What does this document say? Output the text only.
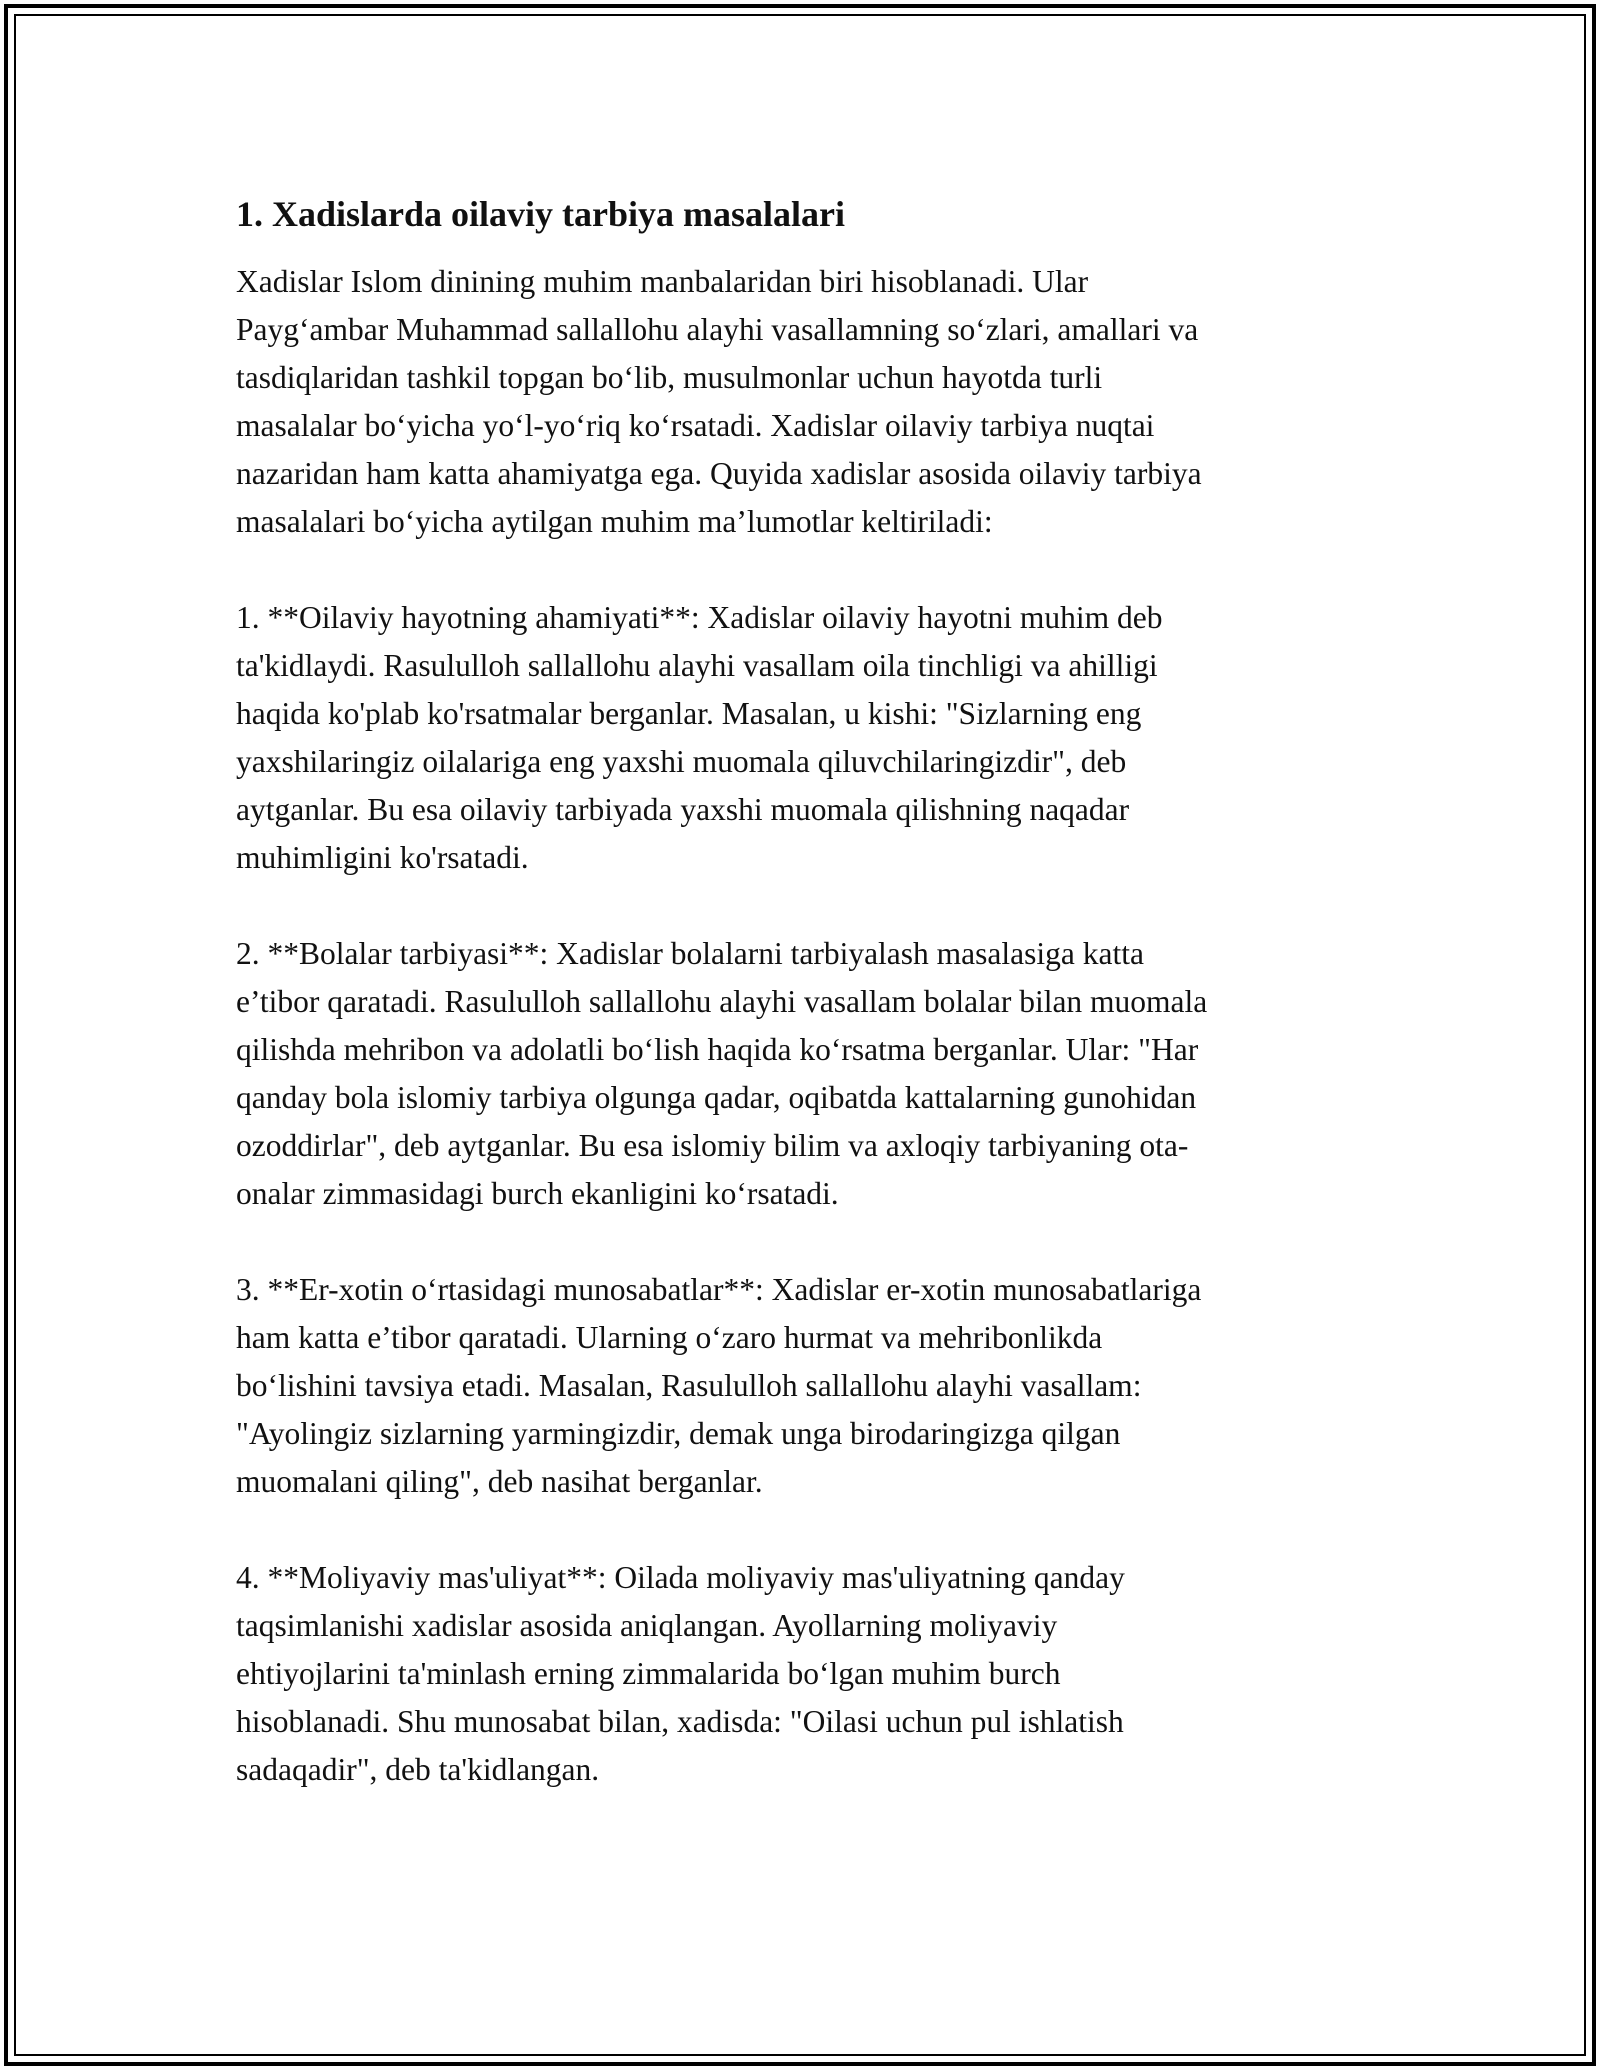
1. Xadislarda oilaviy tarbiya masalalari

Xadislar Islom dinining muhim manbalaridan biri hisoblanadi. Ular
Payg‘ambar Muhammad sallallohu alayhi vasallamning so‘zlari, amallari va
tasdiqlaridan tashkil topgan bo‘lib, musulmonlar uchun hayotda turli
masalalar bo‘yicha yo‘l-yo‘riq ko‘rsatadi. Xadislar oilaviy tarbiya nuqtai
nazaridan ham katta ahamiyatga ega. Quyida xadislar asosida oilaviy tarbiya
masalalari bo‘yicha aytilgan muhim ma’lumotlar keltiriladi:

1. **Oilaviy hayotning ahamiyati**: Xadislar oilaviy hayotni muhim deb
ta'kidlaydi. Rasululloh sallallohu alayhi vasallam oila tinchligi va ahilligi
haqida ko'plab ko'rsatmalar berganlar. Masalan, u kishi: "Sizlarning eng
yaxshilaringiz oilalariga eng yaxshi muomala qiluvchilaringizdir", deb
aytganlar. Bu esa oilaviy tarbiyada yaxshi muomala qilishning naqadar
muhimligini ko'rsatadi.

2. **Bolalar tarbiyasi**: Xadislar bolalarni tarbiyalash masalasiga katta
e’tibor qaratadi. Rasululloh sallallohu alayhi vasallam bolalar bilan muomala
qilishda mehribon va adolatli bo‘lish haqida ko‘rsatma berganlar. Ular: "Har
qanday bola islomiy tarbiya olgunga qadar, oqibatda kattalarning gunohidan
ozoddirlar", deb aytganlar. Bu esa islomiy bilim va axloqiy tarbiyaning ota-
onalar zimmasidagi burch ekanligini ko‘rsatadi.

3. **Er-xotin o‘rtasidagi munosabatlar**: Xadislar er-xotin munosabatlariga
ham katta e’tibor qaratadi. Ularning o‘zaro hurmat va mehribonlikda
bo‘lishini tavsiya etadi. Masalan, Rasululloh sallallohu alayhi vasallam:
"Ayolingiz sizlarning yarmingizdir, demak unga birodaringizga qilgan
muomalani qiling", deb nasihat berganlar.

4. **Moliyaviy mas'uliyat**: Oilada moliyaviy mas'uliyatning qanday
taqsimlanishi xadislar asosida aniqlangan. Ayollarning moliyaviy
ehtiyojlarini ta'minlash erning zimmalarida bo‘lgan muhim burch
hisoblanadi. Shu munosabat bilan, xadisda: "Oilasi uchun pul ishlatish
sadaqadir", deb ta'kidlangan.
